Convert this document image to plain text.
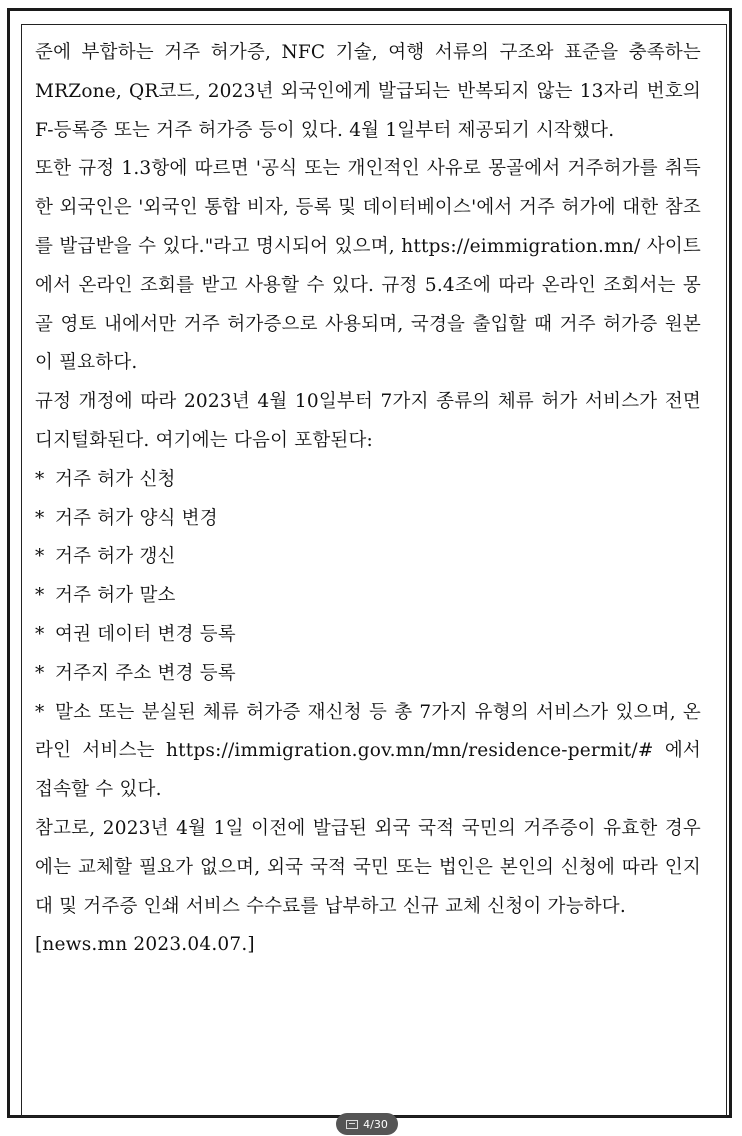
준에 부합하는 거주 허가증, NFC 기술, 여행 서류의 구조와 표준을 충족하는 MRZone, QR코드, 2023년 외국인에게 발급되는 반복되지 않는 13자리 번호의 F-등록증 또는 거주 허가증 등이 있다. 4월 1일부터 제공되기 시작했다.

또한 규정 1.3항에 따르면 '공식 또는 개인적인 사유로 몽골에서 거주허가를 취득한 외국인은 '외국인 통합 비자, 등록 및 데이터베이스'에서 거주 허가에 대한 참조를 발급받을 수 있다."라고 명시되어 있으며, https://eimmigration.mn/ 사이트에서 온라인 조회를 받고 사용할 수 있다. 규정 5.4조에 따라 온라인 조회서는 몽골 영토 내에서만 거주 허가증으로 사용되며, 국경을 출입할 때 거주 허가증 원본이 필요하다.

규정 개정에 따라 2023년 4월 10일부터 7가지 종류의 체류 허가 서비스가 전면 디지털화된다. 여기에는 다음이 포함된다:

* 거주 허가 신청

* 거주 허가 양식 변경

* 거주 허가 갱신

* 거주 허가 말소

* 여권 데이터 변경 등록

* 거주지 주소 변경 등록

* 말소 또는 분실된 체류 허가증 재신청 등 총 7가지 유형의 서비스가 있으며, 온라인 서비스는 https://immigration.gov.mn/mn/residence-permit/# 에서 접속할 수 있다.

참고로, 2023년 4월 1일 이전에 발급된 외국 국적 국민의 거주증이 유효한 경우에는 교체할 필요가 없으며, 외국 국적 국민 또는 법인은 본인의 신청에 따라 인지대 및 거주증 인쇄 서비스 수수료를 납부하고 신규 교체 신청이 가능하다.

[news.mn 2023.04.07.]

4/30
